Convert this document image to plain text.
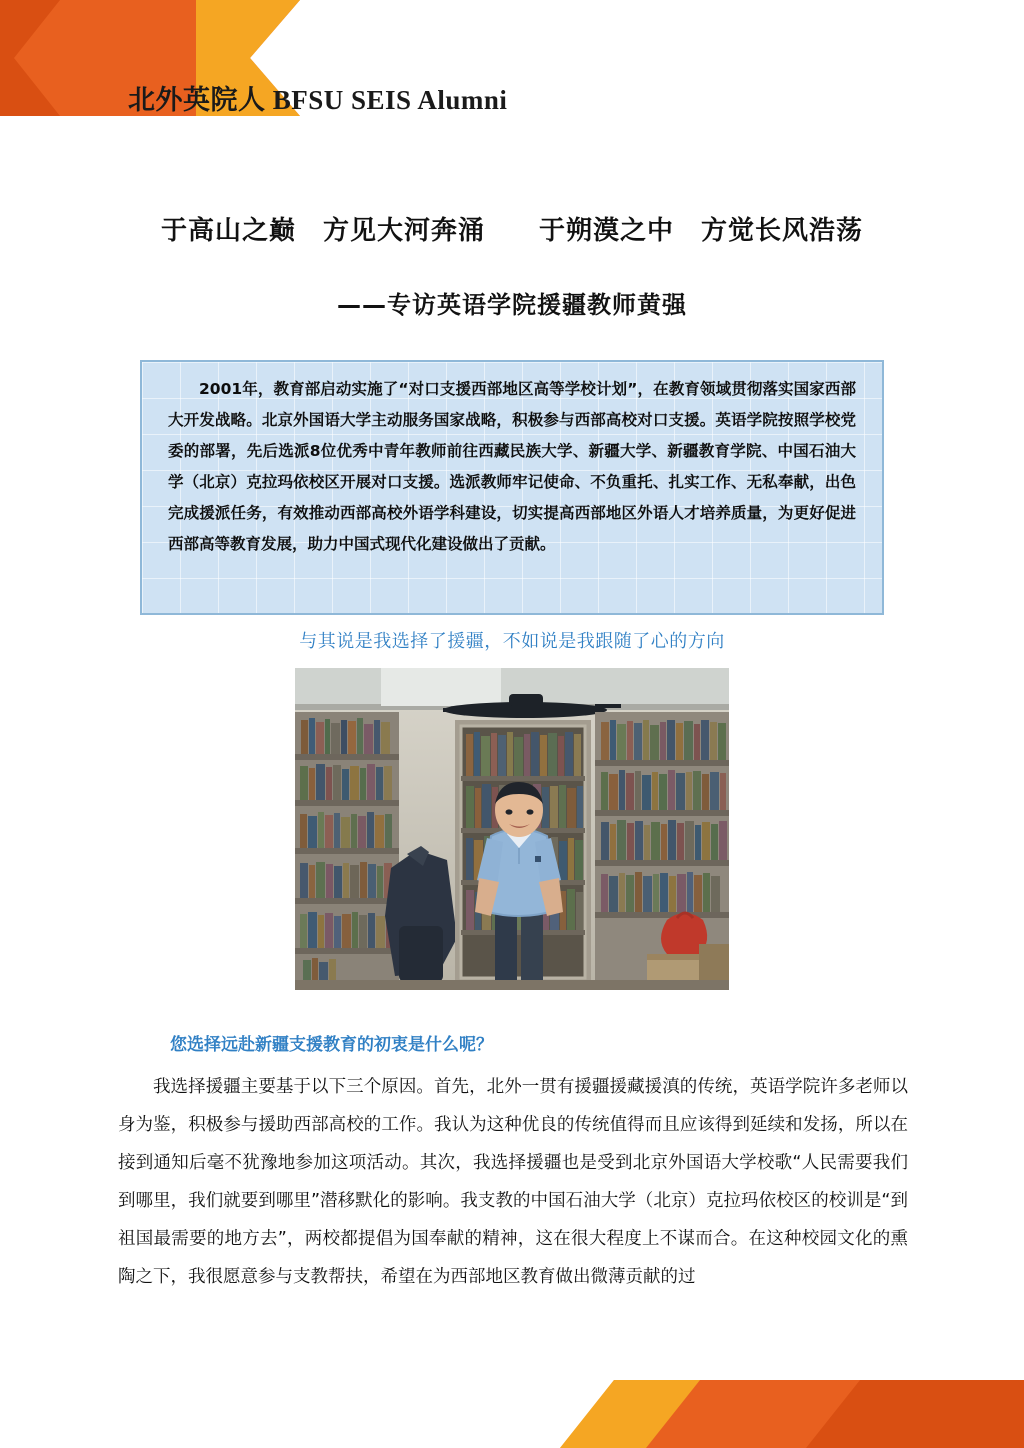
北外英院人 BFSU SEIS Alumni
于高山之巅　方见大河奔涌　　于朔漠之中　方觉长风浩荡
——专访英语学院援疆教师黄强

2001年，教育部启动实施了“对口支援西部地区高等学校计划”，在教育领域贯彻落实国家西部大开发战略。北京外国语大学主动服务国家战略，积极参与西部高校对口支援。英语学院按照学校党委的部署，先后选派8位优秀中青年教师前往西藏民族大学、新疆大学、新疆教育学院、中国石油大学（北京）克拉玛依校区开展对口支援。选派教师牢记使命、不负重托、扎实工作、无私奉献，出色完成援派任务，有效推动西部高校外语学科建设，切实提高西部地区外语人才培养质量，为更好促进西部高等教育发展，助力中国式现代化建设做出了贡献。

与其说是我选择了援疆，不如说是我跟随了心的方向
您选择远赴新疆支援教育的初衷是什么呢？

我选择援疆主要基于以下三个原因。首先，北外一贯有援疆援藏援滇的传统，英语学院许多老师以身为鉴，积极参与援助西部高校的工作。我认为这种优良的传统值得而且应该得到延续和发扬，所以在接到通知后毫不犹豫地参加这项活动。其次，我选择援疆也是受到北京外国语大学校歌“人民需要我们到哪里，我们就要到哪里”潜移默化的影响。我支教的中国石油大学（北京）克拉玛依校区的校训是“到祖国最需要的地方去”，两校都提倡为国奉献的精神，这在很大程度上不谋而合。在这种校园文化的熏陶之下，我很愿意参与支教帮扶，希望在为西部地区教育做出微薄贡献的过
